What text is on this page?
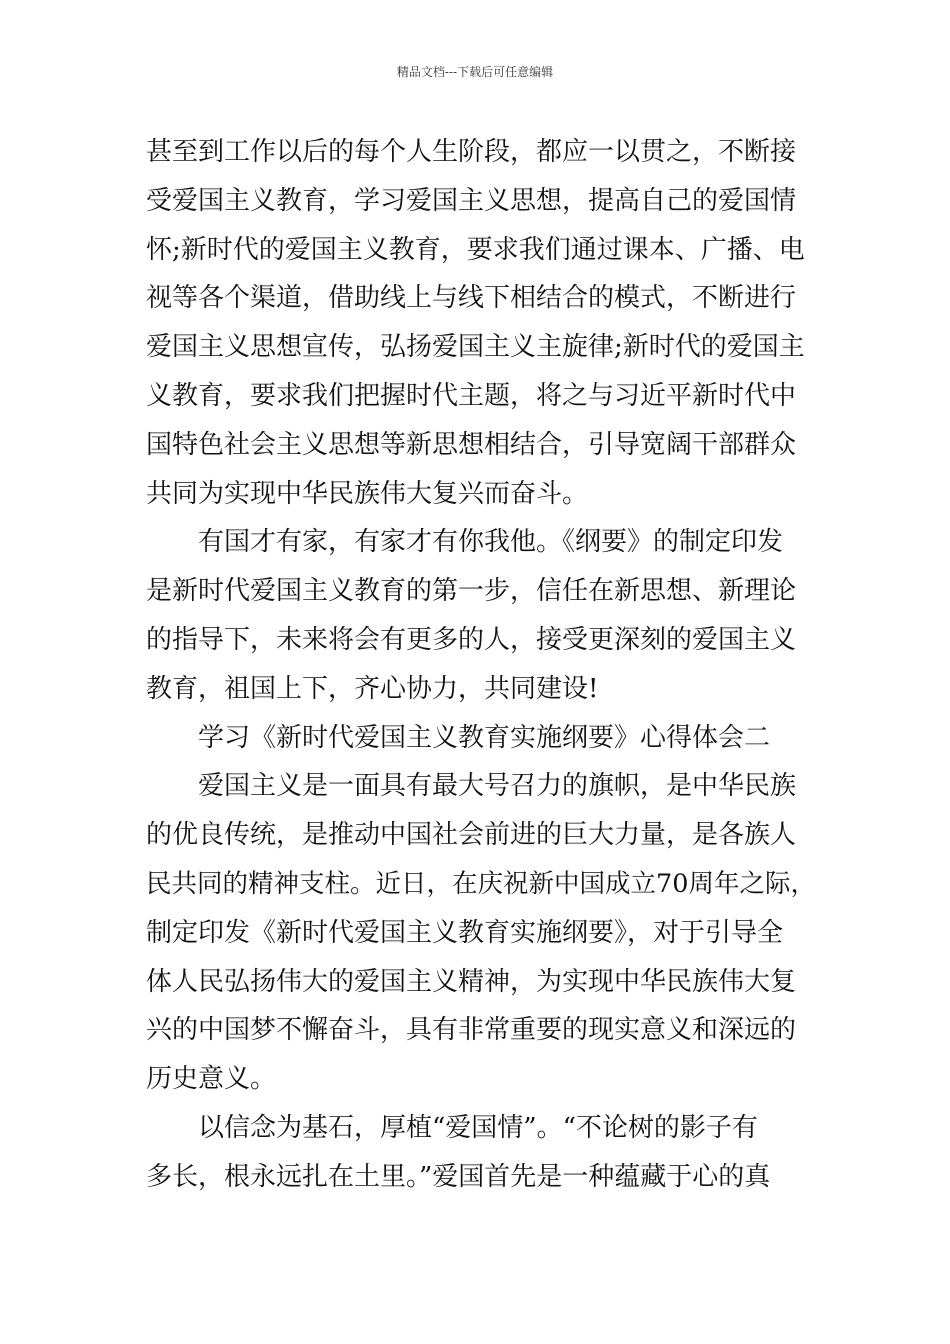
精品文档---下载后可任意编辑
甚至到工作以后的每个人生阶段，都应一以贯之，不断接
受爱国主义教育，学习爱国主义思想，提高自己的爱国情
怀;新时代的爱国主义教育，要求我们通过课本、广播、电
视等各个渠道，借助线上与线下相结合的模式，不断进行
爱国主义思想宣传，弘扬爱国主义主旋律;新时代的爱国主
义教育，要求我们把握时代主题，将之与习近平新时代中
国特色社会主义思想等新思想相结合，引导宽阔干部群众
共同为实现中华民族伟大复兴而奋斗。
有国才有家，有家才有你我他。《纲要》的制定印发
是新时代爱国主义教育的第一步，信任在新思想、新理论
的指导下，未来将会有更多的人，接受更深刻的爱国主义
教育，祖国上下，齐心协力，共同建设!
学习《新时代爱国主义教育实施纲要》心得体会二
爱国主义是一面具有最大号召力的旗帜，是中华民族
的优良传统，是推动中国社会前进的巨大力量，是各族人
民共同的精神支柱。近日，在庆祝新中国成立70周年之际，
制定印发《新时代爱国主义教育实施纲要》，对于引导全
体人民弘扬伟大的爱国主义精神，为实现中华民族伟大复
兴的中国梦不懈奋斗，具有非常重要的现实意义和深远的
历史意义。
以信念为基石，厚植“爱国情”。“不论树的影子有
多长，根永远扎在土里。”爱国首先是一种蕴藏于心的真
